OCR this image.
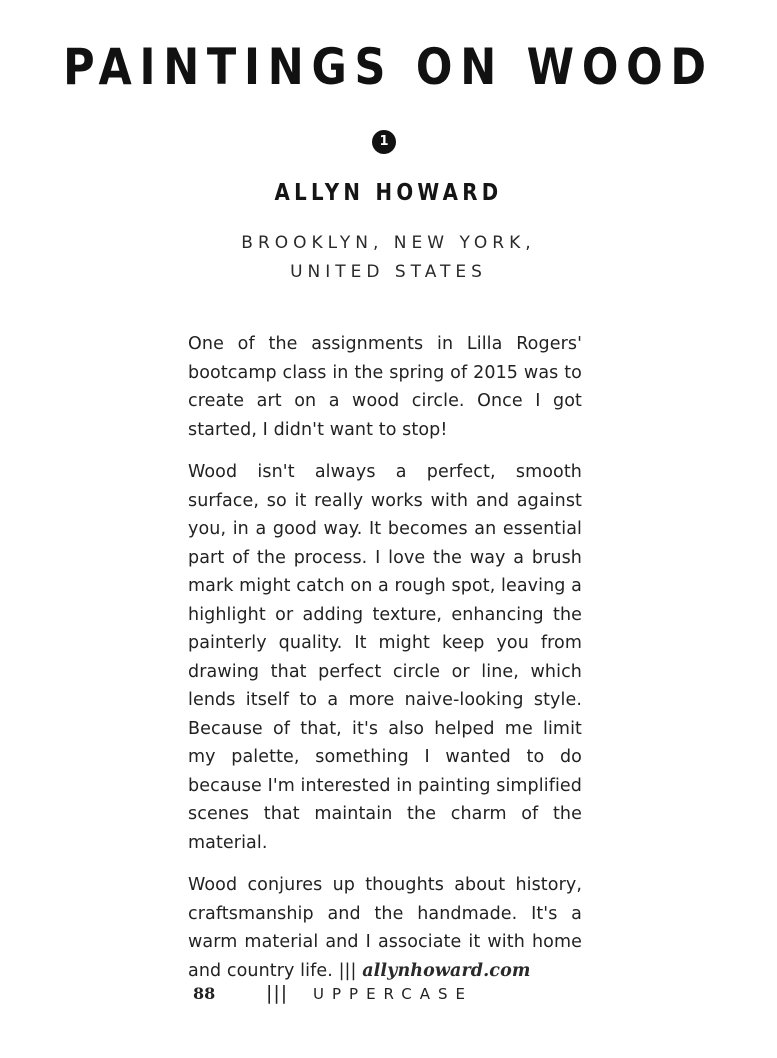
PAINTINGS ON WOOD
1
ALLYN HOWARD
BROOKLYN, NEW YORK,
UNITED STATES

One of the assignments in Lilla Rogers' bootcamp class in the spring of 2015 was to create art on a wood circle. Once I got started, I didn't want to stop!

Wood isn't always a perfect, smooth surface, so it really works with and against you, in a good way. It becomes an essential part of the process. I love the way a brush mark might catch on a rough spot, leaving a highlight or adding texture, enhancing the painterly quality. It might keep you from drawing that perfect circle or line, which lends itself to a more naive-looking style. Because of that, it's also helped me limit my palette, something I wanted to do because I'm interested in painting simplified scenes that maintain the charm of the material.

Wood conjures up thoughts about history, craftsmanship and the handmade. It's a warm material and I associate it with home and country life. ||| allynhoward.com

88	||| UPPERCASE
